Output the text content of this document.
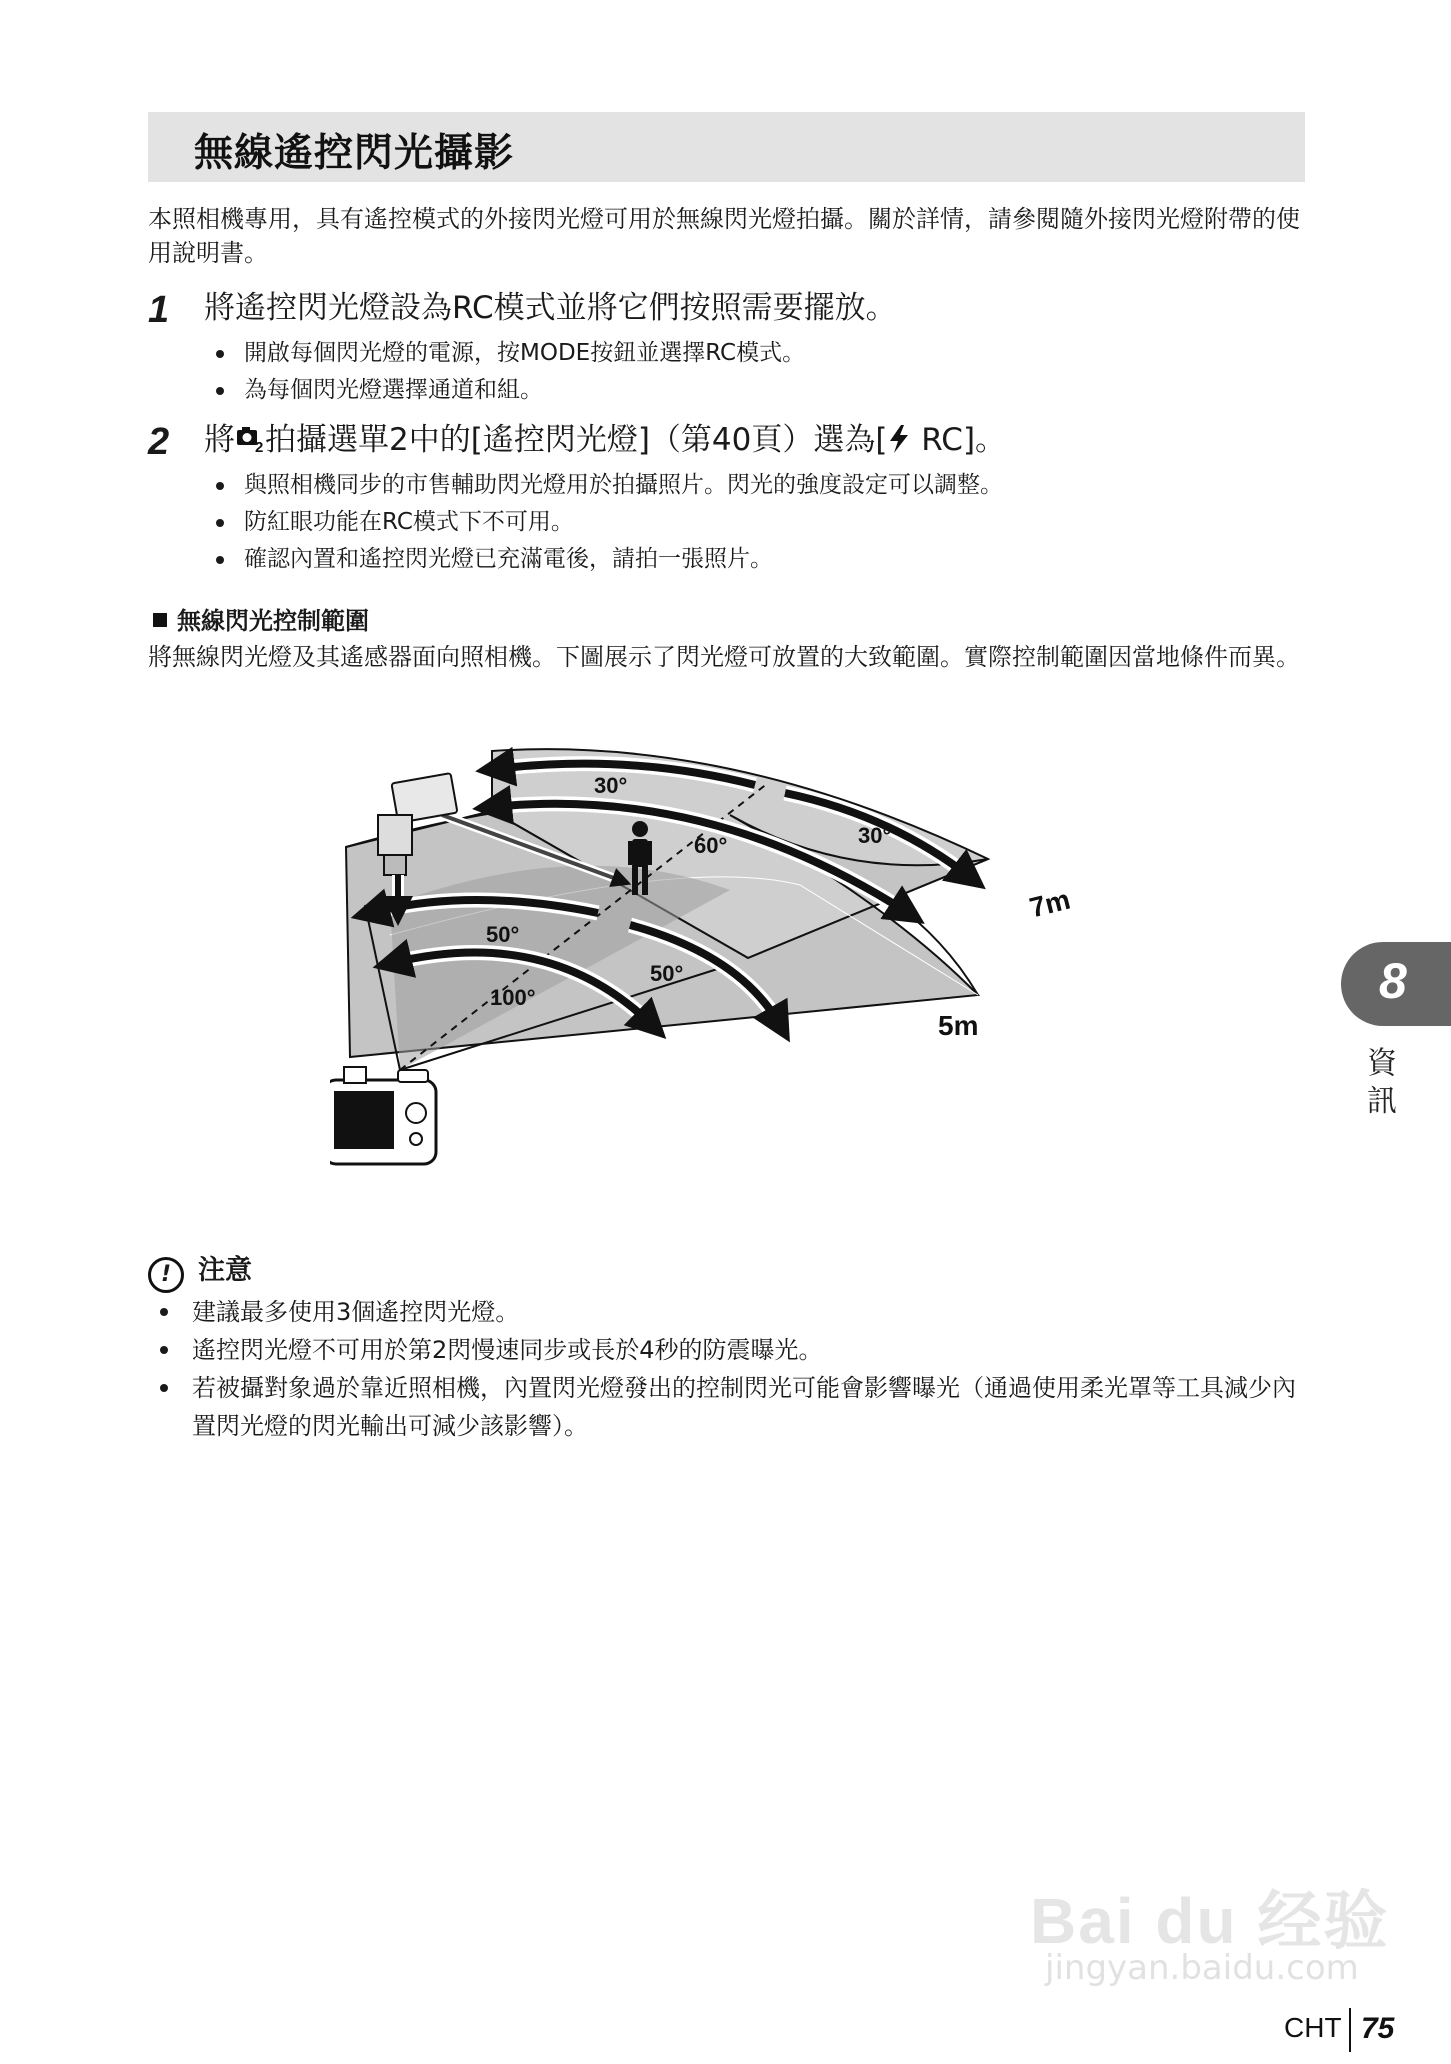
無線遙控閃光攝影
本照相機專用，具有遙控模式的外接閃光燈可用於無線閃光燈拍攝。關於詳情，請參閱隨外接閃光燈附帶的使用說明書。
1 將遙控閃光燈設為RC模式並將它們按照需要擺放。
開啟每個閃光燈的電源，按MODE按鈕並選擇RC模式。
為每個閃光燈選擇通道和組。
2 將 2 拍攝選單2中的[遙控閃光燈]（第40頁）選為[ RC]。
與照相機同步的市售輔助閃光燈用於拍攝照片。閃光的強度設定可以調整。
防紅眼功能在RC模式下不可用。
確認內置和遙控閃光燈已充滿電後，請拍一張照片。
無線閃光控制範圍
將無線閃光燈及其遙感器面向照相機。下圖展示了閃光燈可放置的大致範圍。實際控制範圍因當地條件而異。
30°
30°
60°
50°
50°
100°
7m
5m
! 注意
建議最多使用3個遙控閃光燈。
遙控閃光燈不可用於第2閃慢速同步或長於4秒的防震曝光。
若被攝對象過於靠近照相機，內置閃光燈發出的控制閃光可能會影響曝光（通過使用柔光罩等工具減少內置閃光燈的閃光輸出可減少該影響）。
8
資訊
Bai du 经验
jingyan.baidu.com
CHT 75
